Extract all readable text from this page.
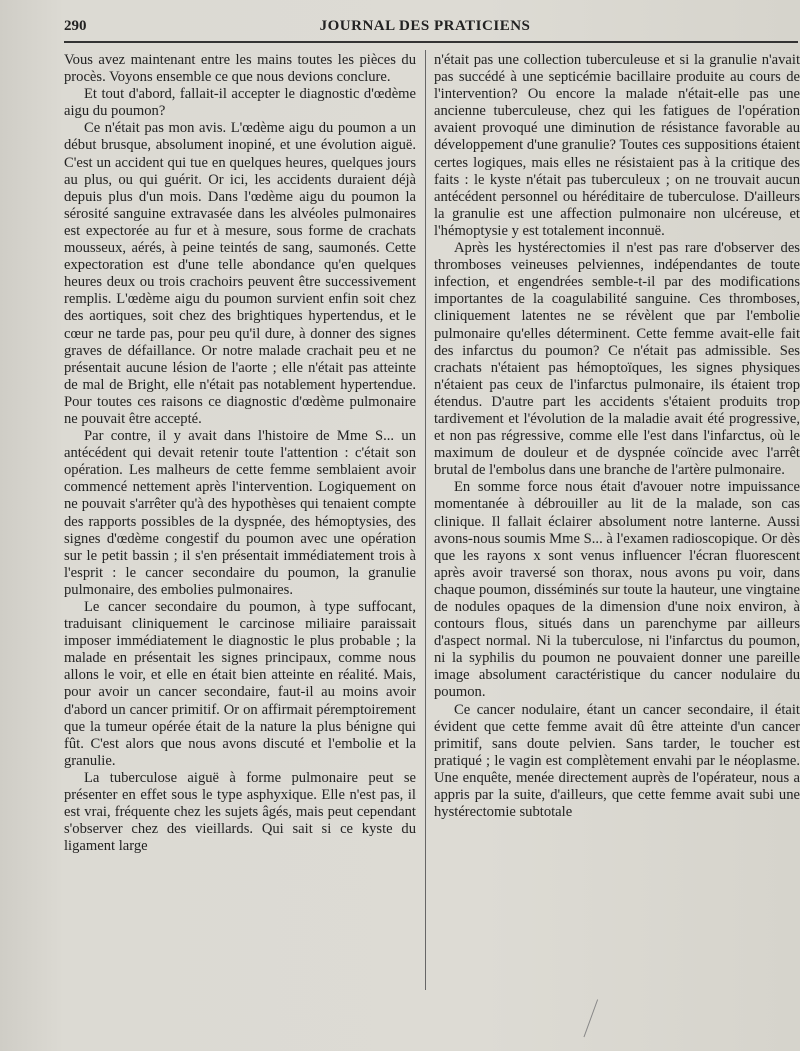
290	JOURNAL DES PRATICIENS

Vous avez maintenant entre les mains toutes les pièces du procès. Voyons ensemble ce que nous devions conclure.

Et tout d'abord, fallait-il accepter le diagnostic d'œdème aigu du poumon?

Ce n'était pas mon avis. L'œdème aigu du poumon a un début brusque, absolument inopiné, et une évolution aiguë. C'est un accident qui tue en quelques heures, quelques jours au plus, ou qui guérit. Or ici, les accidents duraient déjà depuis plus d'un mois. Dans l'œdème aigu du poumon la sérosité sanguine extravasée dans les alvéoles pulmonaires est expectorée au fur et à mesure, sous forme de crachats mousseux, aérés, à peine teintés de sang, saumonés. Cette expectoration est d'une telle abondance qu'en quelques heures deux ou trois crachoirs peuvent être successivement remplis. L'œdème aigu du poumon survient enfin soit chez des aortiques, soit chez des brightiques hypertendus, et le cœur ne tarde pas, pour peu qu'il dure, à donner des signes graves de défaillance. Or notre malade crachait peu et ne présentait aucune lésion de l'aorte ; elle n'était pas atteinte de mal de Bright, elle n'était pas notablement hypertendue. Pour toutes ces raisons ce diagnostic d'œdème pulmonaire ne pouvait être accepté.

Par contre, il y avait dans l'histoire de Mme S... un antécédent qui devait retenir toute l'attention : c'était son opération. Les malheurs de cette femme semblaient avoir commencé nettement après l'intervention. Logiquement on ne pouvait s'arrêter qu'à des hypothèses qui tenaient compte des rapports possibles de la dyspnée, des hémoptysies, des signes d'œdème congestif du poumon avec une opération sur le petit bassin ; il s'en présentait immédiatement trois à l'esprit : le cancer secondaire du poumon, la granulie pulmonaire, des embolies pulmonaires.

Le cancer secondaire du poumon, à type suffocant, traduisant cliniquement le carcinose miliaire paraissait imposer immédiatement le diagnostic le plus probable ; la malade en présentait les signes principaux, comme nous allons le voir, et elle en était bien atteinte en réalité. Mais, pour avoir un cancer secondaire, faut-il au moins avoir d'abord un cancer primitif. Or on affirmait péremptoirement que la tumeur opérée était de la nature la plus bénigne qui fût. C'est alors que nous avons discuté et l'embolie et la granulie.

La tuberculose aiguë à forme pulmonaire peut se présenter en effet sous le type asphyxique. Elle n'est pas, il est vrai, fréquente chez les sujets âgés, mais peut cependant s'observer chez des vieillards. Qui sait si ce kyste du ligament large

n'était pas une collection tuberculeuse et si la granulie n'avait pas succédé à une septicémie bacillaire produite au cours de l'intervention? Ou encore la malade n'était-elle pas une ancienne tuberculeuse, chez qui les fatigues de l'opération avaient provoqué une diminution de résistance favorable au développement d'une granulie? Toutes ces suppositions étaient certes logiques, mais elles ne résistaient pas à la critique des faits : le kyste n'était pas tuberculeux ; on ne trouvait aucun antécédent personnel ou héréditaire de tuberculose. D'ailleurs la granulie est une affection pulmonaire non ulcéreuse, et l'hémoptysie y est totalement inconnuë.

Après les hystérectomies il n'est pas rare d'observer des thromboses veineuses pelviennes, indépendantes de toute infection, et engendrées semble-t-il par des modifications importantes de la coagulabilité sanguine. Ces thromboses, cliniquement latentes ne se révèlent que par l'embolie pulmonaire qu'elles déterminent. Cette femme avait-elle fait des infarctus du poumon? Ce n'était pas admissible. Ses crachats n'étaient pas hémoptoïques, les signes physiques n'étaient pas ceux de l'infarctus pulmonaire, ils étaient trop étendus. D'autre part les accidents s'étaient produits trop tardivement et l'évolution de la maladie avait été progressive, et non pas régressive, comme elle l'est dans l'infarctus, où le maximum de douleur et de dyspnée coïncide avec l'arrêt brutal de l'embolus dans une branche de l'artère pulmonaire.

En somme force nous était d'avouer notre impuissance momentanée à débrouiller au lit de la malade, son cas clinique. Il fallait éclairer absolument notre lanterne. Aussi avons-nous soumis Mme S... à l'examen radioscopique. Or dès que les rayons x sont venus influencer l'écran fluorescent après avoir traversé son thorax, nous avons pu voir, dans chaque poumon, disséminés sur toute la hauteur, une vingtaine de nodules opaques de la dimension d'une noix environ, à contours flous, situés dans un parenchyme par ailleurs d'aspect normal. Ni la tuberculose, ni l'infarctus du poumon, ni la syphilis du poumon ne pouvaient donner une pareille image absolument caractéristique du cancer nodulaire du poumon.

Ce cancer nodulaire, étant un cancer secondaire, il était évident que cette femme avait dû être atteinte d'un cancer primitif, sans doute pelvien. Sans tarder, le toucher est pratiqué ; le vagin est complètement envahi par le néoplasme. Une enquête, menée directement auprès de l'opérateur, nous a appris par la suite, d'ailleurs, que cette femme avait subi une hystérectomie subtotale
